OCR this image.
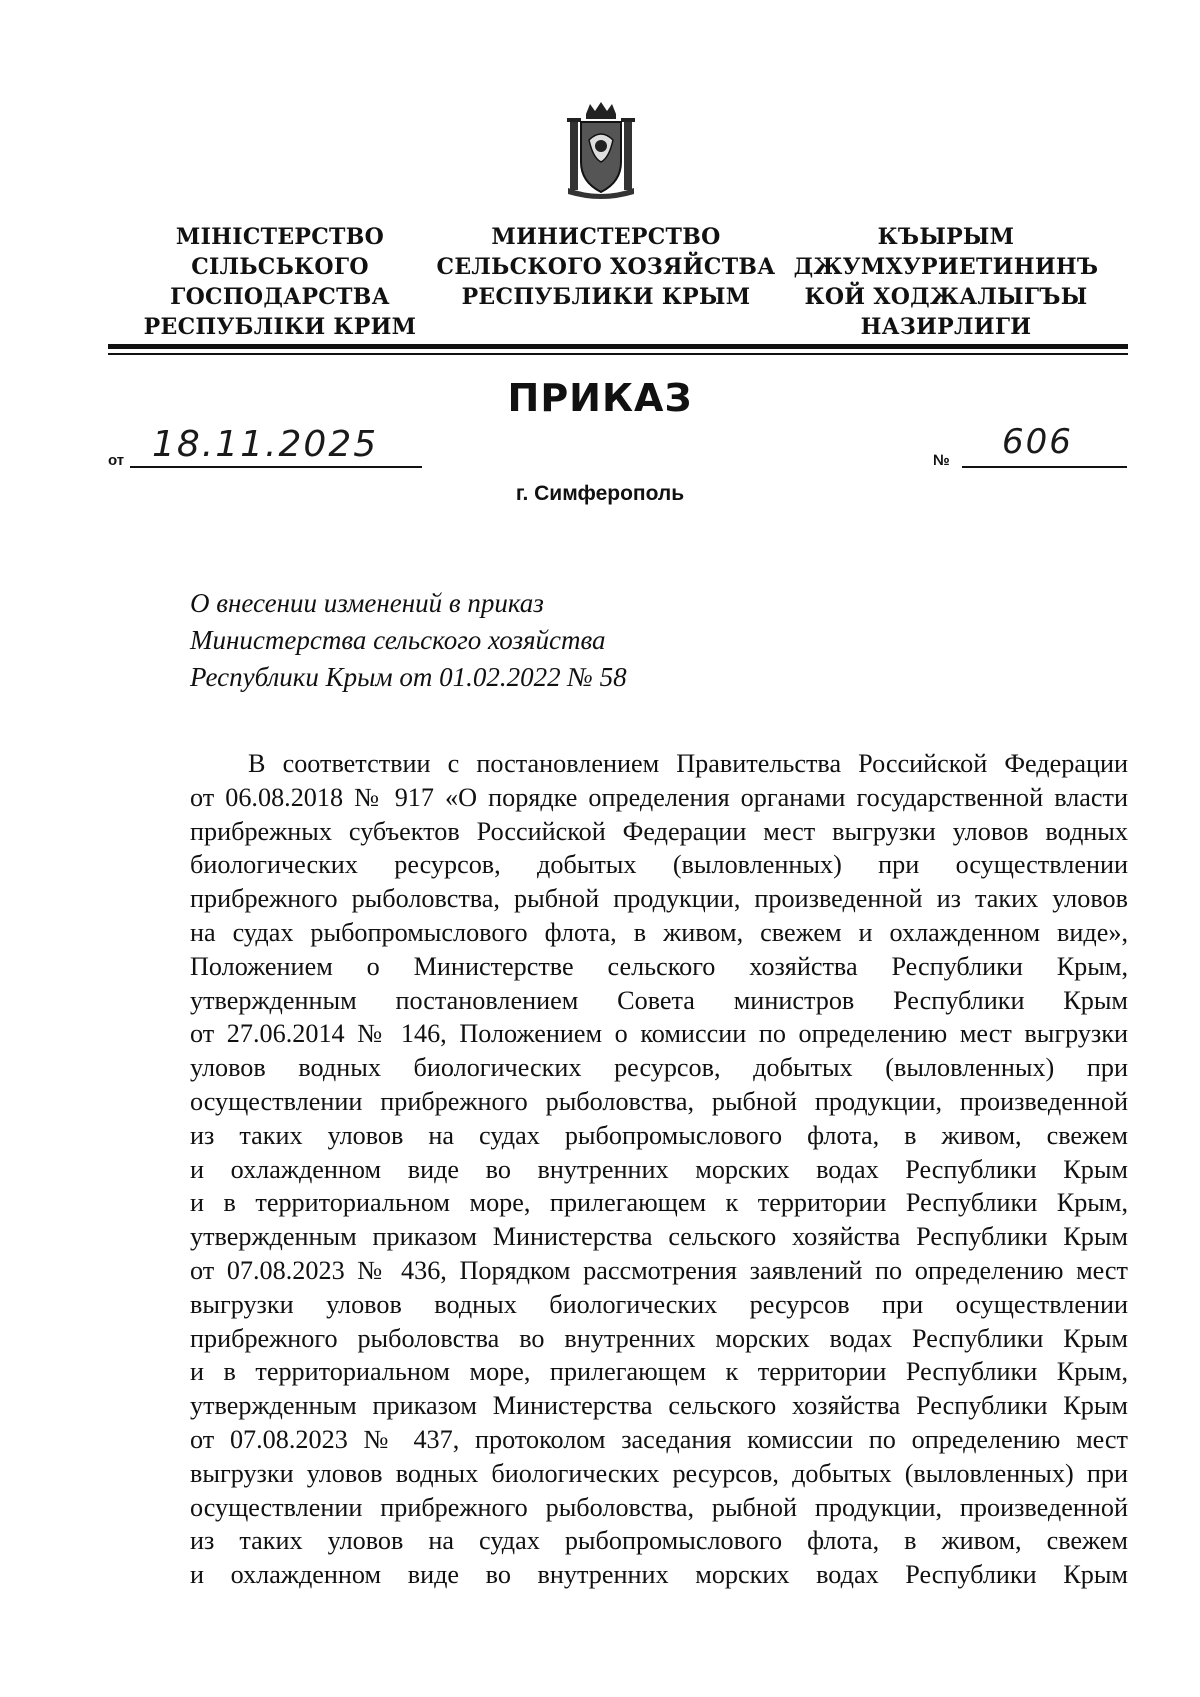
МІНІСТЕРСТВО
СІЛЬСЬКОГО
ГОСПОДАРСТВА
РЕСПУБЛІКИ КРИМ
МИНИСТЕРСТВО
СЕЛЬСКОГО ХОЗЯЙСТВА
РЕСПУБЛИКИ КРЫМ
КЪЫРЫМ
ДЖУМХУРИЕТИНИНЪ
КОЙ ХОДЖАЛЫГЪЫ
НАЗИРЛИГИ
ПРИКАЗ
от 18.11.2025	№ 606
г. Симферополь
О внесении изменений в приказ
Министерства сельского хозяйства
Республики Крым от 01.02.2022 № 58
В соответствии с постановлением Правительства Российской Федерации
от 06.08.2018 № 917 «О порядке определения органами государственной власти
прибрежных субъектов Российской Федерации мест выгрузки уловов водных
биологических ресурсов, добытых (выловленных) при осуществлении
прибрежного рыболовства, рыбной продукции, произведенной из таких уловов
на судах рыбопромыслового флота, в живом, свежем и охлажденном виде»,
Положением о Министерстве сельского хозяйства Республики Крым,
утвержденным постановлением Совета министров Республики Крым
от 27.06.2014 № 146, Положением о комиссии по определению мест выгрузки
уловов водных биологических ресурсов, добытых (выловленных) при
осуществлении прибрежного рыболовства, рыбной продукции, произведенной
из таких уловов на судах рыбопромыслового флота, в живом, свежем
и охлажденном виде во внутренних морских водах Республики Крым
и в территориальном море, прилегающем к территории Республики Крым,
утвержденным приказом Министерства сельского хозяйства Республики Крым
от 07.08.2023 № 436, Порядком рассмотрения заявлений по определению мест
выгрузки уловов водных биологических ресурсов при осуществлении
прибрежного рыболовства во внутренних морских водах Республики Крым
и в территориальном море, прилегающем к территории Республики Крым,
утвержденным приказом Министерства сельского хозяйства Республики Крым
от 07.08.2023 № 437, протоколом заседания комиссии по определению мест
выгрузки уловов водных биологических ресурсов, добытых (выловленных) при
осуществлении прибрежного рыболовства, рыбной продукции, произведенной
из таких уловов на судах рыбопромыслового флота, в живом, свежем
и охлажденном виде во внутренних морских водах Республики Крым
